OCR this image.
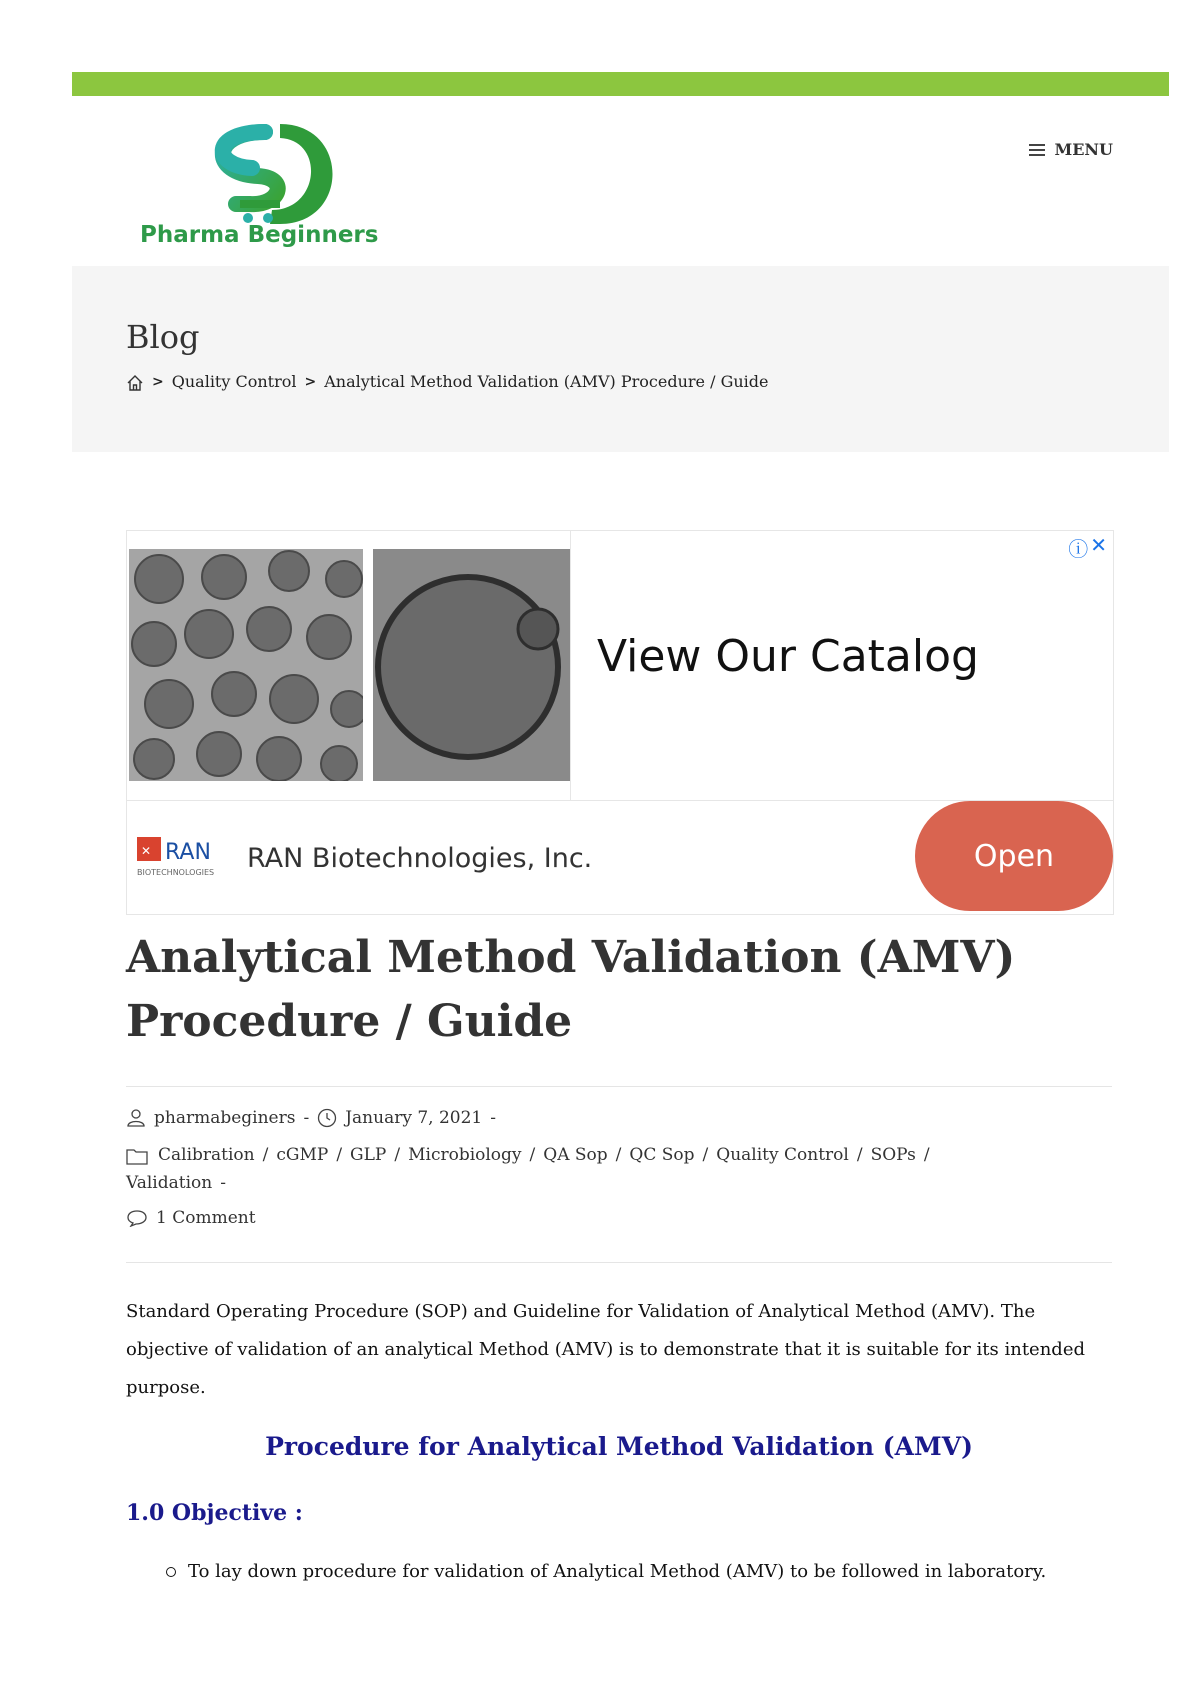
Pharma Beginners
MENU
Blog
> Quality Control > Analytical Method Validation (AMV) Procedure / Guide
View Our Catalog
ⓘ ✕
✕ RAN
BIOTECHNOLOGIES RAN Biotechnologies, Inc.	Open
Analytical Method Validation (AMV) Procedure / Guide
pharmabeginers - January 7, 2021 -
Calibration / cGMP / GLP / Microbiology / QA Sop / QC Sop / Quality Control / SOPs /
Validation -
1 Comment

Standard Operating Procedure (SOP) and Guideline for Validation of Analytical Method (AMV). The objective of validation of an analytical Method (AMV) is to demonstrate that it is suitable for its intended purpose.

Procedure for Analytical Method Validation (AMV)
1.0 Objective :
To lay down procedure for validation of Analytical Method (AMV) to be followed in laboratory.
